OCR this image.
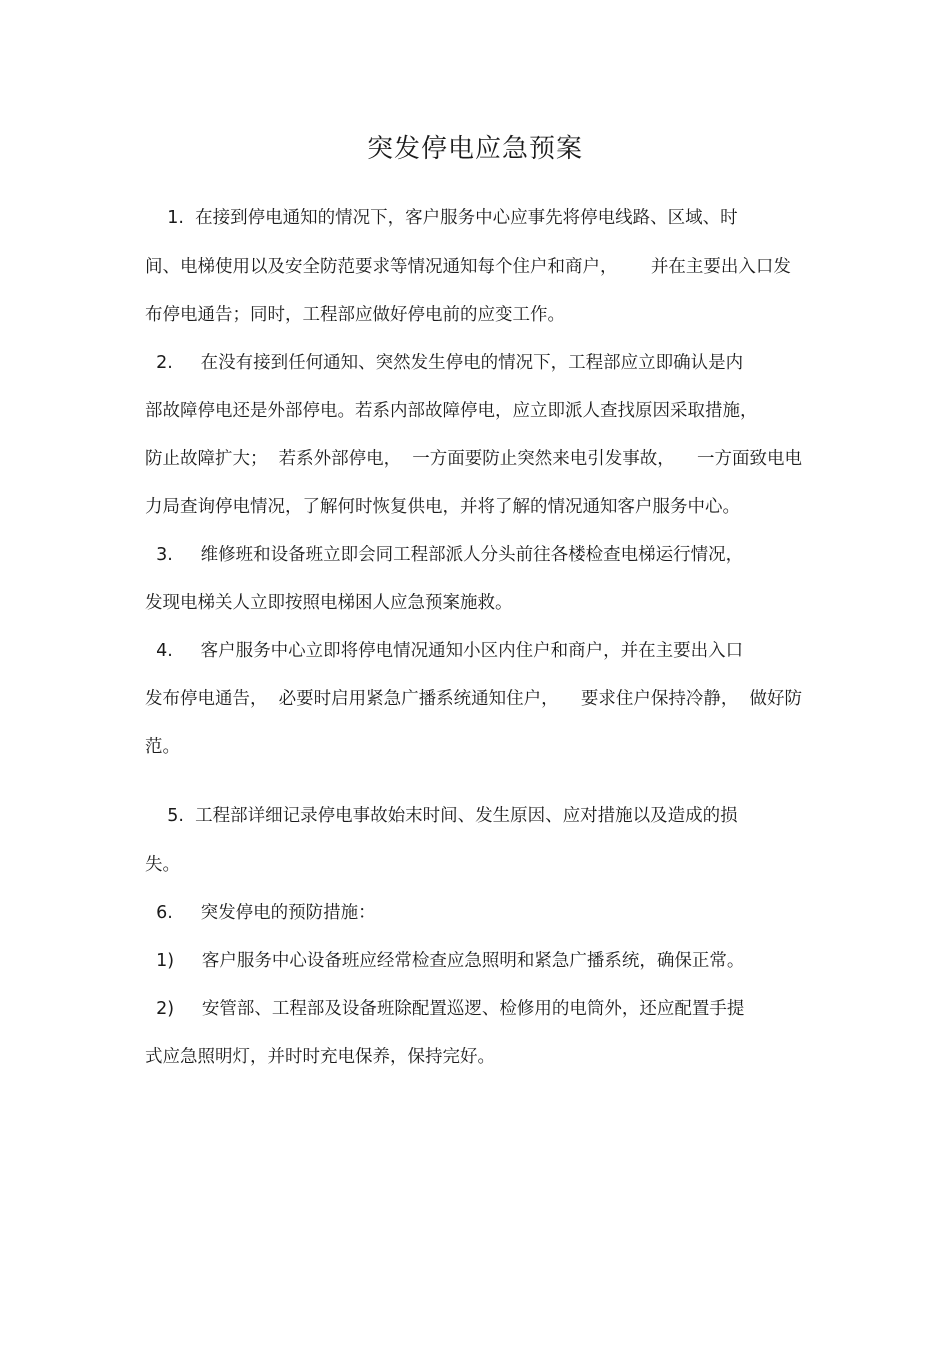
突发停电应急预案
1.  在接到停电通知的情况下，客户服务中心应事先将停电线路、区域、时
间、电梯使用以及安全防范要求等情况通知每个住户和商户，      并在主要出入口发
布停电通告；同时，工程部应做好停电前的应变工作。
2.     在没有接到任何通知、突然发生停电的情况下，工程部应立即确认是内
部故障停电还是外部停电。若系内部故障停电，应立即派人查找原因采取措施，
防止故障扩大；  若系外部停电，  一方面要防止突然来电引发事故，    一方面致电电
力局查询停电情况，了解何时恢复供电，并将了解的情况通知客户服务中心。
3.     维修班和设备班立即会同工程部派人分头前往各楼检查电梯运行情况，
发现电梯关人立即按照电梯困人应急预案施救。
4.     客户服务中心立即将停电情况通知小区内住户和商户，并在主要出入口
发布停电通告，  必要时启用紧急广播系统通知住户，    要求住户保持冷静，  做好防
范。
5.  工程部详细记录停电事故始末时间、发生原因、应对措施以及造成的损
失。
6.     突发停电的预防措施：
1)     客户服务中心设备班应经常检查应急照明和紧急广播系统，确保正常。
2)     安管部、工程部及设备班除配置巡逻、检修用的电筒外，还应配置手提
式应急照明灯，并时时充电保养，保持完好。
